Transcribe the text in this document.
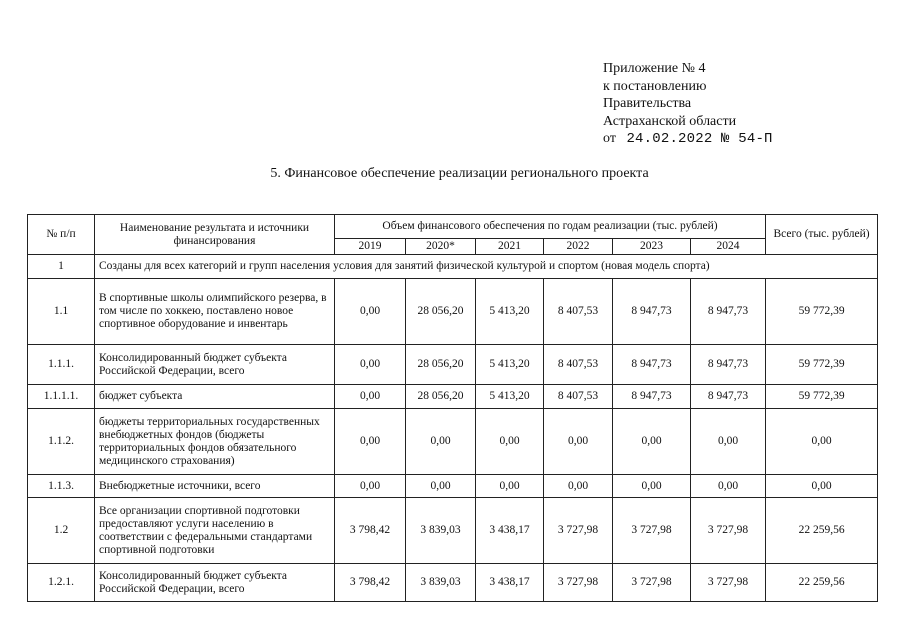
Приложение № 4
к постановлению
Правительства
Астраханской области
от 24.02.2022 № 54-П
5. Финансовое обеспечение реализации регионального проекта
№ п/п	Наименование результата и источники финансирования	Объем финансового обеспечения по годам реализации (тыс. рублей)						Всего (тыс. рублей)
		2019	2020*	2021	2022	2023	2024	
1	Созданы для всех категорий и групп населения условия для занятий физической культурой и спортом (новая модель спорта)							
1.1	В спортивные школы олимпийского резерва, в том числе по хоккею, поставлено новое спортивное оборудование и инвентарь	0,00	28 056,20	5 413,20	8 407,53	8 947,73	8 947,73	59 772,39
1.1.1.	Консолидированный бюджет субъекта Российской Федерации, всего	0,00	28 056,20	5 413,20	8 407,53	8 947,73	8 947,73	59 772,39
1.1.1.1.	бюджет субъекта	0,00	28 056,20	5 413,20	8 407,53	8 947,73	8 947,73	59 772,39
1.1.2.	бюджеты территориальных государственных внебюджетных фондов (бюджеты территориальных фондов обязательного медицинского страхования)	0,00	0,00	0,00	0,00	0,00	0,00	0,00
1.1.3.	Внебюджетные источники, всего	0,00	0,00	0,00	0,00	0,00	0,00	0,00
1.2	Все организации спортивной подготовки предоставляют услуги населению в соответствии с федеральными стандартами спортивной подготовки	3 798,42	3 839,03	3 438,17	3 727,98	3 727,98	3 727,98	22 259,56
1.2.1.	Консолидированный бюджет субъекта Российской Федерации, всего	3 798,42	3 839,03	3 438,17	3 727,98	3 727,98	3 727,98	22 259,56
